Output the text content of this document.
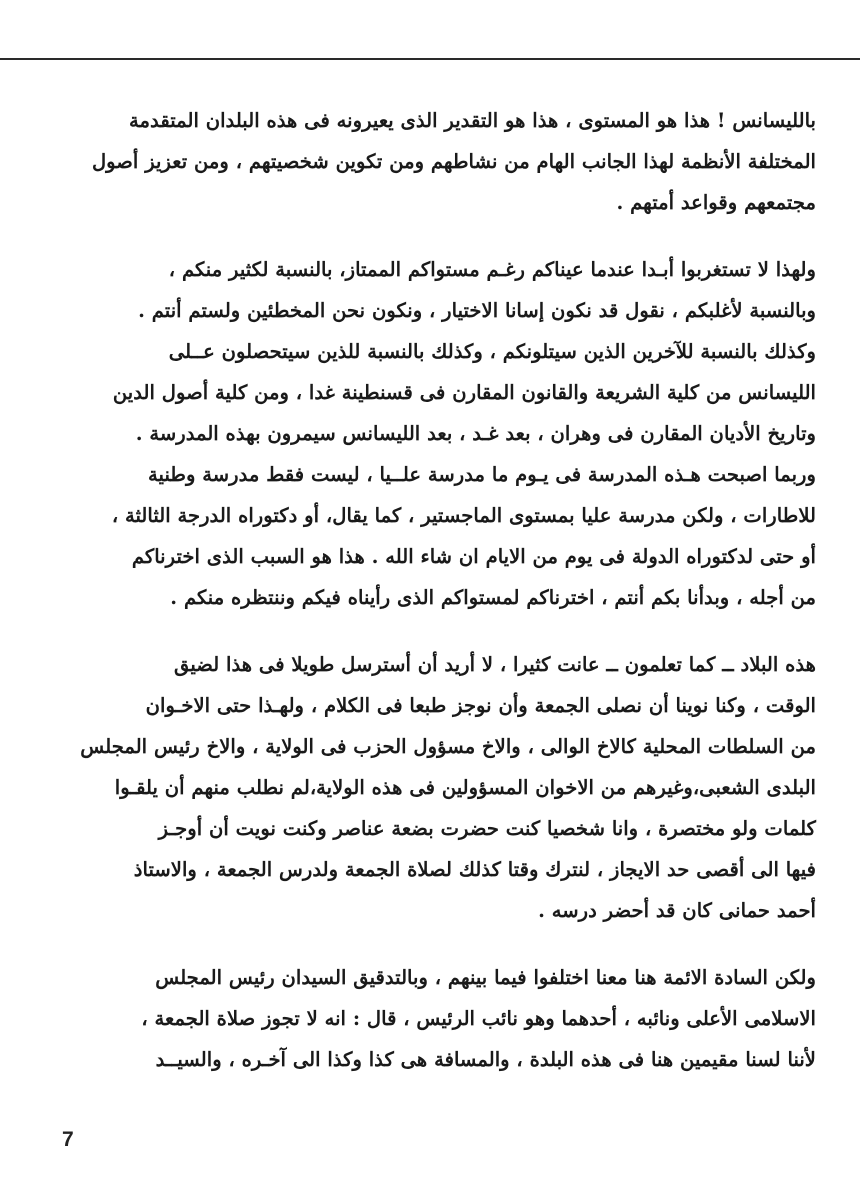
بالليسانس ! هذا هو المستوى ، هذا هو التقدير الذى يعيرونه فى هذه البلدان المتقدمة
المختلفة الأنظمة لهذا الجانب الهام من نشاطهم ومن تكوين شخصيتهم ، ومن تعزيز أصول
مجتمعهم وقواعد أمتهم .

ولهذا لا تستغربوا أبـدا عندما عيناكم رغـم مستواكم الممتاز، بالنسبة لكثير منكم ،
وبالنسبة لأغلبكم ، نقول قد نكون إسانا الاختيار ، ونكون نحن المخطئين ولستم أنتم .
وكذلك بالنسبة للآخرين الذين سيتلونكم ، وكذلك بالنسبة للذين سيتحصلون عــلى
الليسانس من كلية الشريعة والقانون المقارن فى قسنطينة غدا ، ومن كلية أصول الدين
وتاريخ الأديان المقارن فى وهران ، بعد غـد ، بعد الليسانس سيمرون بهذه المدرسة .
وربما اصبحت هـذه المدرسة فى يـوم ما مدرسة علــيا ، ليست فقط مدرسة وطنية
للاطارات ، ولكن مدرسة عليا بمستوى الماجستير ، كما يقال، أو دكتوراه الدرجة الثالثة ،
أو حتى لدكتوراه الدولة فى يوم من الايام ان شاء الله . هذا هو السبب الذى اخترناكم
من أجله ، وبدأنا بكم أنتم ، اخترناكم لمستواكم الذى رأيناه فيكم وننتظره منكم .

هذه البلاد ــ كما تعلمون ــ عانت كثيرا ، لا أريد أن أسترسل طويلا فى هذا لضيق
الوقت ، وكنا نوينا أن نصلى الجمعة وأن نوجز طبعا فى الكلام ، ولهـذا حتى الاخـوان
من السلطات المحلية كالاخ الوالى ، والاخ مسؤول الحزب فى الولاية ، والاخ رئيس المجلس
البلدى الشعبى،وغيرهم من الاخوان المسؤولين فى هذه الولاية،لم نطلب منهم أن يلقـوا
كلمات ولو مختصرة ، وانا شخصيا كنت حضرت بضعة عناصر وكنت نويت أن أوجـز
فيها الى أقصى حد الايجاز ، لنترك وقتا كذلك لصلاة الجمعة ولدرس الجمعة ، والاستاذ
أحمد حمانى كان قد أحضر درسه .

ولكن السادة الائمة هنا معنا اختلفوا فيما بينهم ، وبالتدقيق السيدان رئيس المجلس
الاسلامى الأعلى ونائبه ، أحدهما وهو نائب الرئيس ، قال : انه لا تجوز صلاة الجمعة ،
لأننا لسنا مقيمين هنا فى هذه البلدة ، والمسافة هى كذا وكذا الى آخـره ، والسيــد

7
